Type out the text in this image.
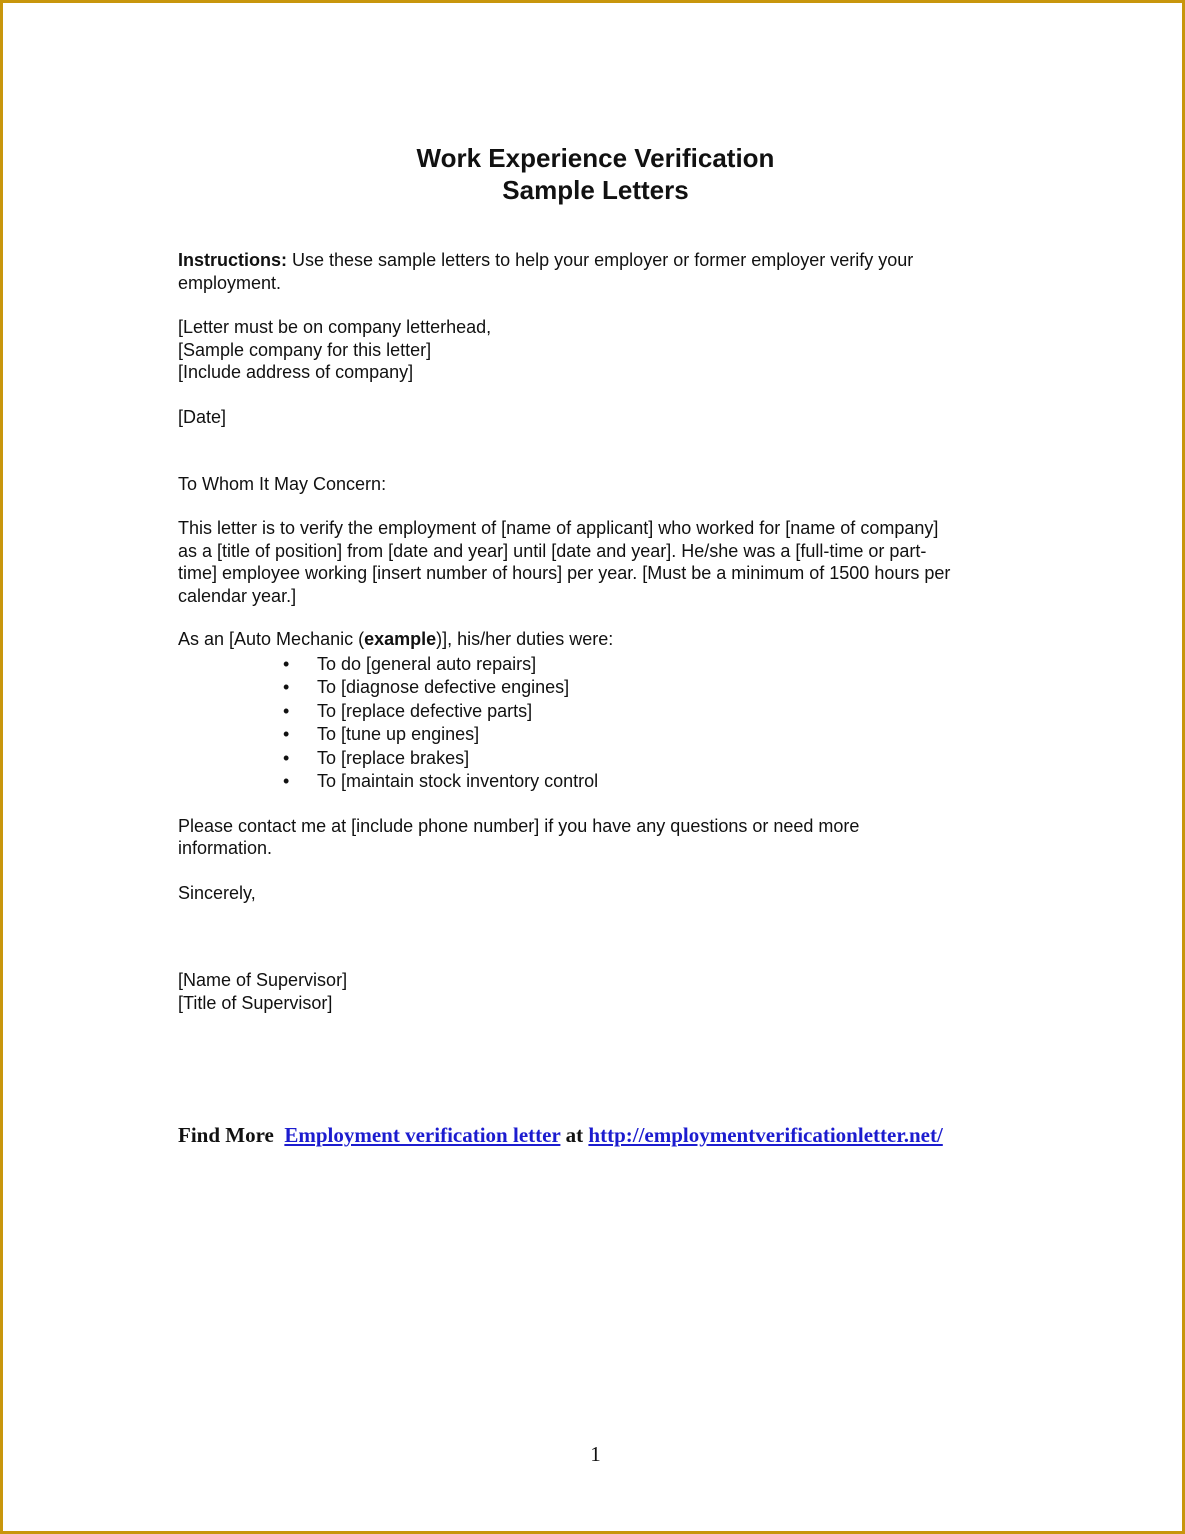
Work Experience Verification
Sample Letters
Instructions: Use these sample letters to help your employer or former employer verify your
employment.
[Letter must be on company letterhead,
[Sample company for this letter]
[Include address of company]
[Date]
To Whom It May Concern:
This letter is to verify the employment of [name of applicant] who worked for [name of company]
as a [title of position] from [date and year] until [date and year]. He/she was a [full-time or part-
time] employee working [insert number of hours] per year. [Must be a minimum of 1500 hours per
calendar year.]
As an [Auto Mechanic (example)], his/her duties were:
• To do [general auto repairs]
• To [diagnose defective engines]
• To [replace defective parts]
• To [tune up engines]
• To [replace brakes]
• To [maintain stock inventory control
Please contact me at [include phone number] if you have any questions or need more
information.
Sincerely,
[Name of Supervisor]
[Title of Supervisor]
Find More  Employment verification letter at http://employmentverificationletter.net/
1
